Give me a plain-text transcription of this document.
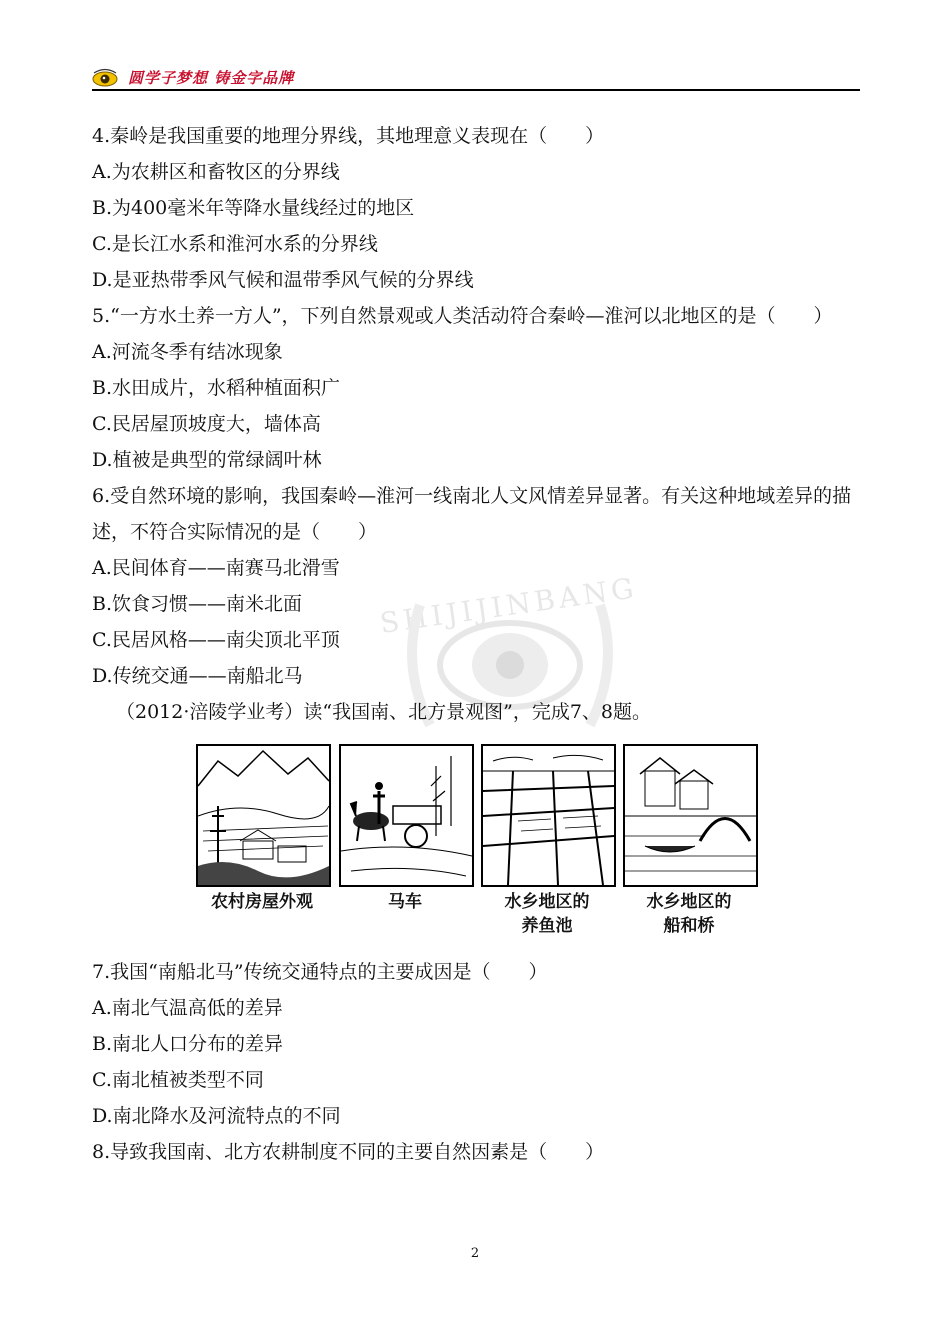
圆学子梦想 铸金字品牌
SHIJIJINBANG
4.秦岭是我国重要的地理分界线，其地理意义表现在（　　）
A.为农耕区和畜牧区的分界线
B.为400毫米年等降水量线经过的地区
C.是长江水系和淮河水系的分界线
D.是亚热带季风气候和温带季风气候的分界线
5.“一方水土养一方人”，下列自然景观或人类活动符合秦岭—淮河以北地区的是（　　）
A.河流冬季有结冰现象
B.水田成片，水稻种植面积广
C.民居屋顶坡度大，墙体高
D.植被是典型的常绿阔叶林
6.受自然环境的影响，我国秦岭—淮河一线南北人文风情差异显著。有关这种地域差异的描述，不符合实际情况的是（　　）
A.民间体育——南赛马北滑雪
B.饮食习惯——南米北面
C.民居风格——南尖顶北平顶
D.传统交通——南船北马
（2012·涪陵学业考）读“我国南、北方景观图”，完成7、8题。
农村房屋外观	马车	水乡地区的养鱼池
水乡地区的船和桥
7.我国“南船北马”传统交通特点的主要成因是（　　）
A.南北气温高低的差异
B.南北人口分布的差异
C.南北植被类型不同
D.南北降水及河流特点的不同
8.导致我国南、北方农耕制度不同的主要自然因素是（　　）
2
